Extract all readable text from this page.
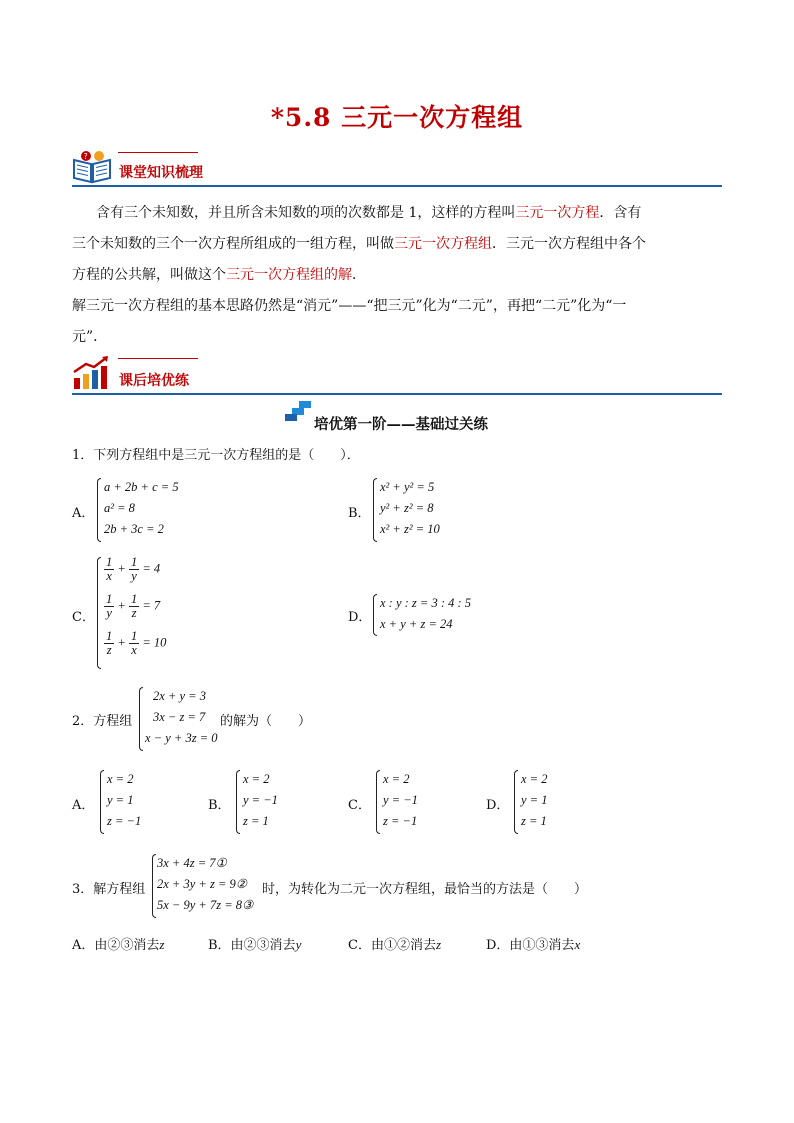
*5.8 三元一次方程组
?
课堂知识梳理
含有三个未知数，并且所含未知数的项的次数都是 1，这样的方程叫三元一次方程．含有
三个未知数的三个一次方程所组成的一组方程，叫做三元一次方程组．三元一次方程组中各个
方程的公共解，叫做这个三元一次方程组的解．
解三元一次方程组的基本思路仍然是“消元”——“把三元”化为“二元”，再把“二元”化为“一
元”．
课后培优练
培优第一阶——基础过关练
1．下列方程组中是三元一次方程组的是（　　）．
A．
a + 2b + c = 5
a² = 8
2b + 3c = 2
B．
x² + y² = 5
y² + z² = 8
x² + z² = 10
C．
$\frac{1}{x} + \frac{1}{y} = 4$
$\frac{1}{y} + \frac{1}{z} = 7$
$\frac{1}{z} + \frac{1}{x} = 10$
D．
x : y : z = 3 : 4 : 5
x + y + z = 24
2．方程组
2x + y = 3
3x − z = 7
x − y + 3z = 0
的解为（　　）
A．
x = 2
y = 1
z = −1
B．
x = 2
y = −1
z = 1
C．
x = 2
y = −1
z = −1
D．
x = 2
y = 1
z = 1
3．解方程组
3x + 4z = 7①
2x + 3y + z = 9②
5x − 9y + 7z = 8③
时，为转化为二元一次方程组，最恰当的方法是（　　）
A．由②③消去z	B．由②③消去y	C．由①②消去z	D．由①③消去x
